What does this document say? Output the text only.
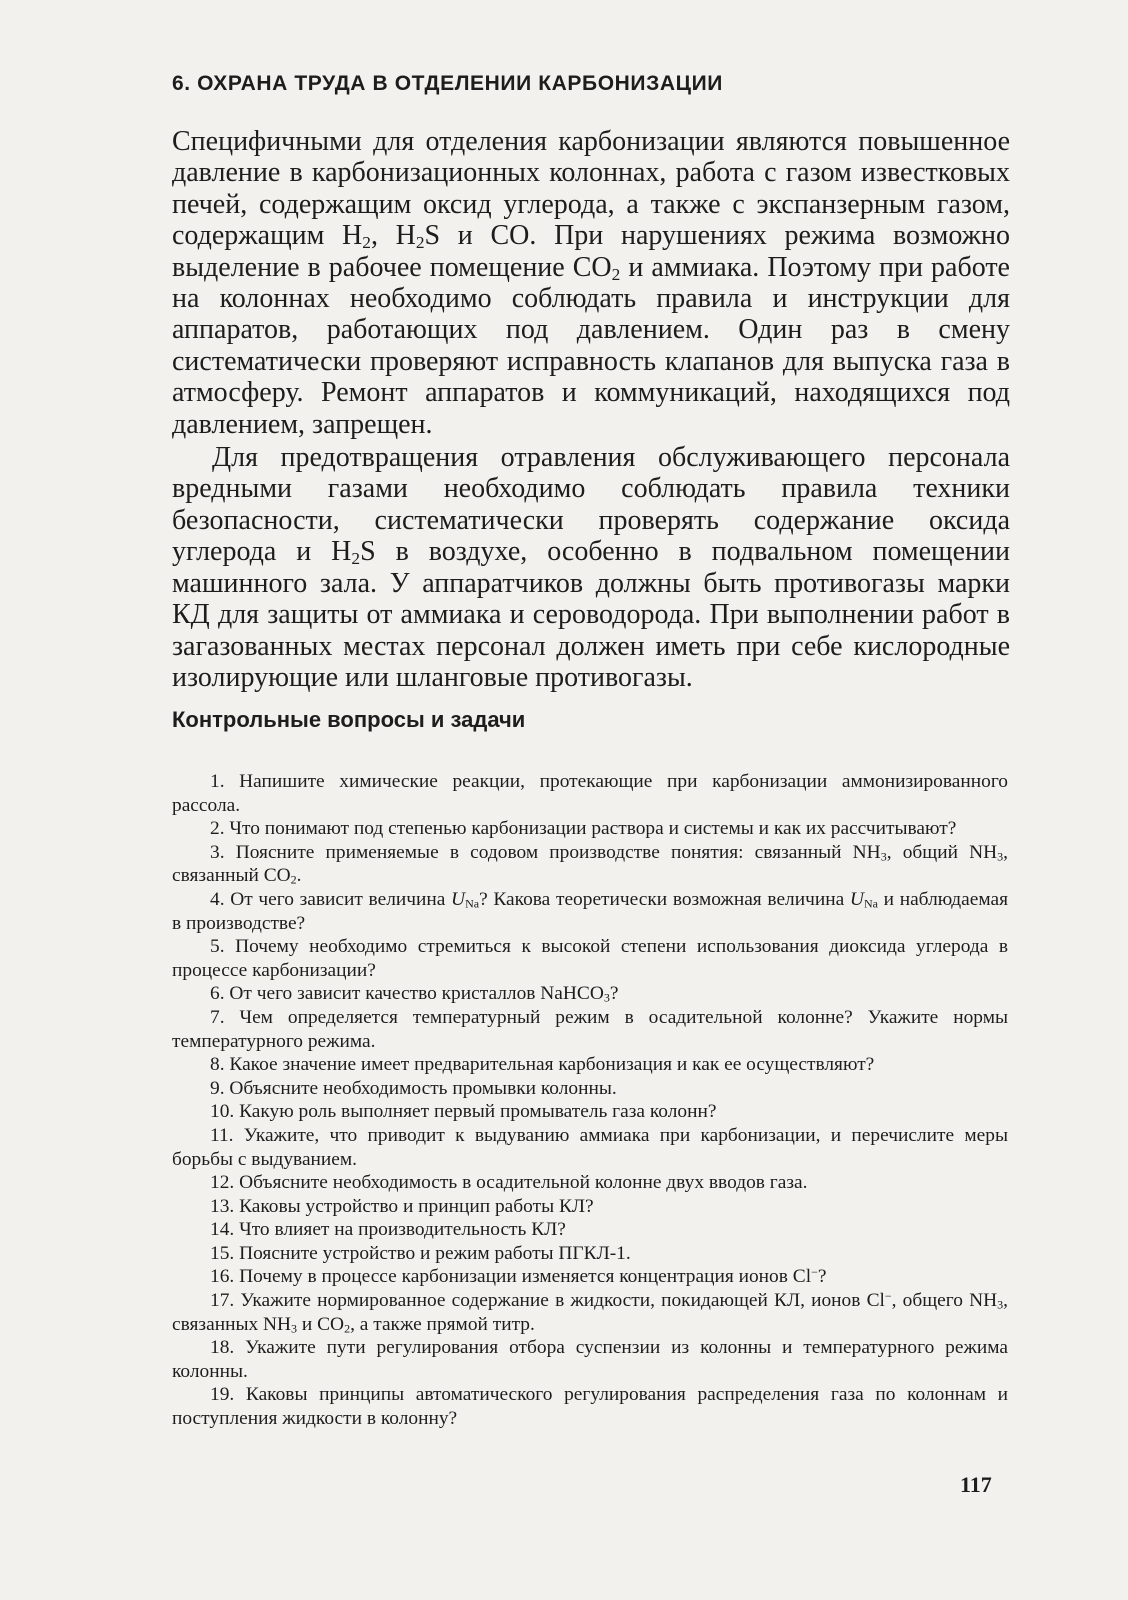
6. ОХРАНА ТРУДА В ОТДЕЛЕНИИ КАРБОНИЗАЦИИ

Специфичными для отделения карбонизации являются повышенное давление в карбонизационных колоннах, работа с газом известковых печей, содержащим оксид углерода, а также с экспанзерным газом, содержащим $H_2$, $H_2S$ и CO. При нарушениях режима возможно выделение в рабочее помещение $CO_2$ и аммиака. Поэтому при работе на колоннах необходимо соблюдать правила и инструкции для аппаратов, работающих под давлением. Один раз в смену систематически проверяют исправность клапанов для выпуска газа в атмосферу. Ремонт аппаратов и коммуникаций, находящихся под давлением, запрещен.

Для предотвращения отравления обслуживающего персонала вредными газами необходимо соблюдать правила техники безопасности, систематически проверять содержание оксида углерода и $H_2S$ в воздухе, особенно в подвальном помещении машинного зала. У аппаратчиков должны быть противогазы марки КД для защиты от аммиака и сероводорода. При выполнении работ в загазованных местах персонал должен иметь при себе кислородные изолирующие или шланговые противогазы.

Контрольные вопросы и задачи
1. Напишите химические реакции, протекающие при карбонизации аммонизированного рассола.
2. Что понимают под степенью карбонизации раствора и системы и как их рассчитывают?
3. Поясните применяемые в содовом производстве понятия: связанный $NH_3$, общий $NH_3$, связанный $CO_2$.
4. От чего зависит величина $U_{Na}$? Какова теоретически возможная величина $U_{Na}$ и наблюдаемая в производстве?
5. Почему необходимо стремиться к высокой степени использования диоксида углерода в процессе карбонизации?
6. От чего зависит качество кристаллов NaHCO$_3$?
7. Чем определяется температурный режим в осадительной колонне? Укажите нормы температурного режима.
8. Какое значение имеет предварительная карбонизация и как ее осуществляют?
9. Объясните необходимость промывки колонны.
10. Какую роль выполняет первый промыватель газа колонн?
11. Укажите, что приводит к выдуванию аммиака при карбонизации, и перечислите меры борьбы с выдуванием.
12. Объясните необходимость в осадительной колонне двух вводов газа.
13. Каковы устройство и принцип работы КЛ?
14. Что влияет на производительность КЛ?
15. Поясните устройство и режим работы ПГКЛ-1.
16. Почему в процессе карбонизации изменяется концентрация ионов Cl−?
17. Укажите нормированное содержание в жидкости, покидающей КЛ, ионов Cl−, общего $NH_3$, связанных $NH_3$ и $CO_2$, а также прямой титр.
18. Укажите пути регулирования отбора суспензии из колонны и температурного режима колонны.
19. Каковы принципы автоматического регулирования распределения газа по колоннам и поступления жидкости в колонну?
117
